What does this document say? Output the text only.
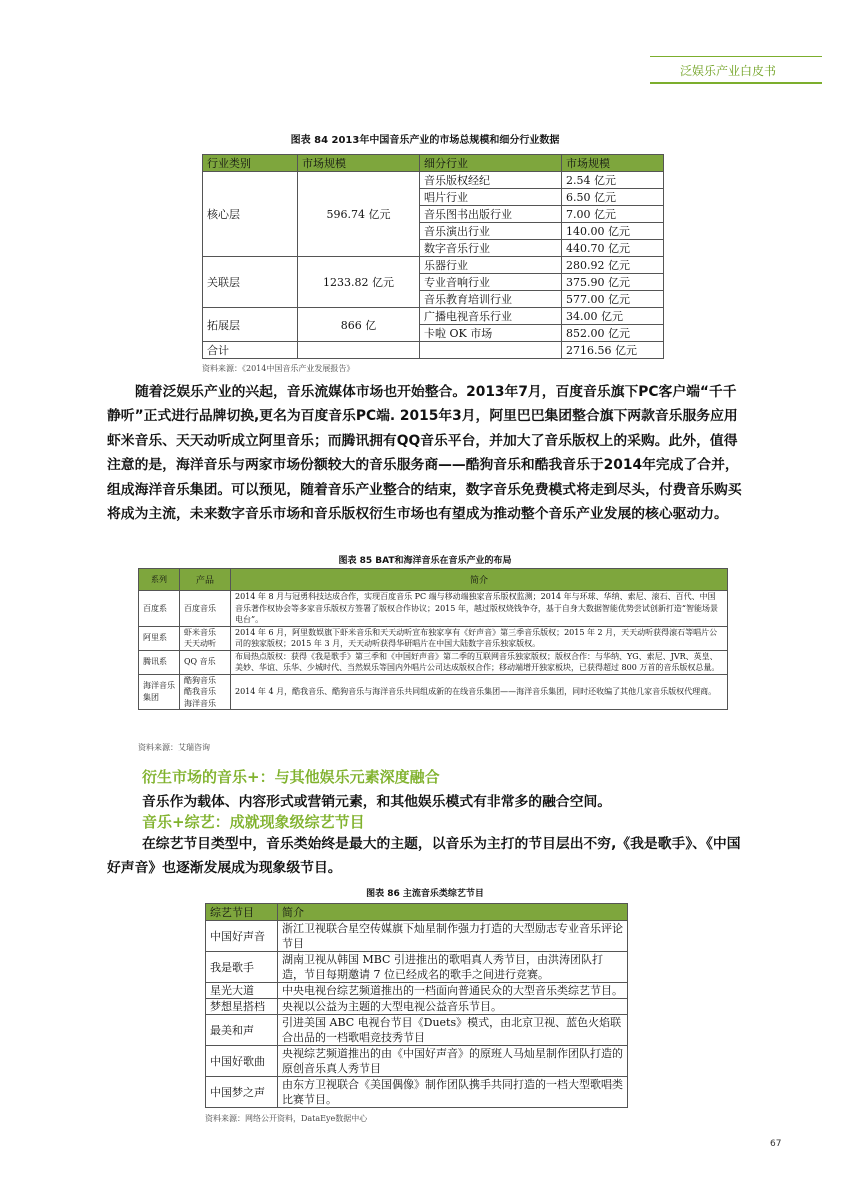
泛娱乐产业白皮书
图表 84 2013年中国音乐产业的市场总规模和细分行业数据
行业类别	市场规模	细分行业	市场规模
核心层	596.74 亿元	音乐版权经纪	2.54 亿元
		唱片行业	6.50 亿元
		音乐图书出版行业	7.00 亿元
		音乐演出行业	140.00 亿元
		数字音乐行业	440.70 亿元
关联层	1233.82 亿元	乐器行业	280.92 亿元
		专业音响行业	375.90 亿元
		音乐教育培训行业	577.00 亿元
拓展层	866 亿	广播电视音乐行业	34.00 亿元
		卡啦 OK 市场	852.00 亿元
合计			2716.56 亿元
资料来源：《2014中国音乐产业发展报告》
随着泛娱乐产业的兴起，音乐流媒体市场也开始整合。2013年7月，百度音乐旗下PC客户端“千千静听”正式进行品牌切换,更名为百度音乐PC端. 2015年3月，阿里巴巴集团整合旗下两款音乐服务应用虾米音乐、天天动听成立阿里音乐；而腾讯拥有QQ音乐平台，并加大了音乐版权上的采购。此外，值得注意的是，海洋音乐与两家市场份额较大的音乐服务商——酷狗音乐和酷我音乐于2014年完成了合并，组成海洋音乐集团。可以预见，随着音乐产业整合的结束，数字音乐免费模式将走到尽头，付费音乐购买将成为主流，未来数字音乐市场和音乐版权衍生市场也有望成为推动整个音乐产业发展的核心驱动力。
图表 85 BAT和海洋音乐在音乐产业的布局
系列	产品	简介
百度系	百度音乐	2014 年 8 月与冠勇科技达成合作，实现百度音乐 PC 端与移动端独家音乐版权监测；2014 年与环球、华纳、索尼、滚石、百代、中国音乐著作权协会等多家音乐版权方签署了版权合作协议；2015 年，越过版权烧钱争夺，基于自身大数据智能优势尝试创新打造“智能场景电台”。
阿里系	虾米音乐 天天动听	2014 年 6 月，阿里数娱旗下虾米音乐和天天动听宣布独家享有《好声音》第三季音乐版权；2015 年 2 月，天天动听获得滚石等唱片公司的独家版权；2015 年 3 月，天天动听获得华研唱片在中国大陆数字音乐独家版权。
腾讯系	QQ 音乐	布局热点版权：获得《我是歌手》第三季和《中国好声音》第二季的互联网音乐独家版权；版权合作：与华纳、YG、索尼、JVR、英皇、美妙、华谊、乐华、少城时代、当然娱乐等国内外唱片公司达成版权合作；移动端增开独家板块，已获得超过 800 万首的音乐版权总量。
海洋音乐集团	酷狗音乐 酷我音乐 海洋音乐	2014 年 4 月，酷我音乐、酷狗音乐与海洋音乐共同组成新的在线音乐集团——海洋音乐集团，同时还收编了其他几家音乐版权代理商。
资料来源：艾瑞咨询
衍生市场的音乐+：与其他娱乐元素深度融合
音乐作为载体、内容形式或营销元素，和其他娱乐模式有非常多的融合空间。
音乐+综艺：成就现象级综艺节目
在综艺节目类型中，音乐类始终是最大的主题，以音乐为主打的节目层出不穷,《我是歌手》、《中国好声音》也逐渐发展成为现象级节目。
图表 86 主流音乐类综艺节目
综艺节目	简介
中国好声音	浙江卫视联合星空传媒旗下灿星制作强力打造的大型励志专业音乐评论节目
我是歌手	湖南卫视从韩国 MBC 引进推出的歌唱真人秀节目，由洪涛团队打造，节目每期邀请 7 位已经成名的歌手之间进行竞赛。
星光大道	中央电视台综艺频道推出的一档面向普通民众的大型音乐类综艺节目。
梦想星搭档	央视以公益为主题的大型电视公益音乐节目。
最美和声	引进美国 ABC 电视台节目《Duets》模式，由北京卫视、蓝色火焰联合出品的一档歌唱竞技秀节目
中国好歌曲	央视综艺频道推出的由《中国好声音》的原班人马灿星制作团队打造的原创音乐真人秀节目
中国梦之声	由东方卫视联合《美国偶像》制作团队携手共同打造的一档大型歌唱类比赛节目。
资料来源：网络公开资料，DataEye数据中心
67
